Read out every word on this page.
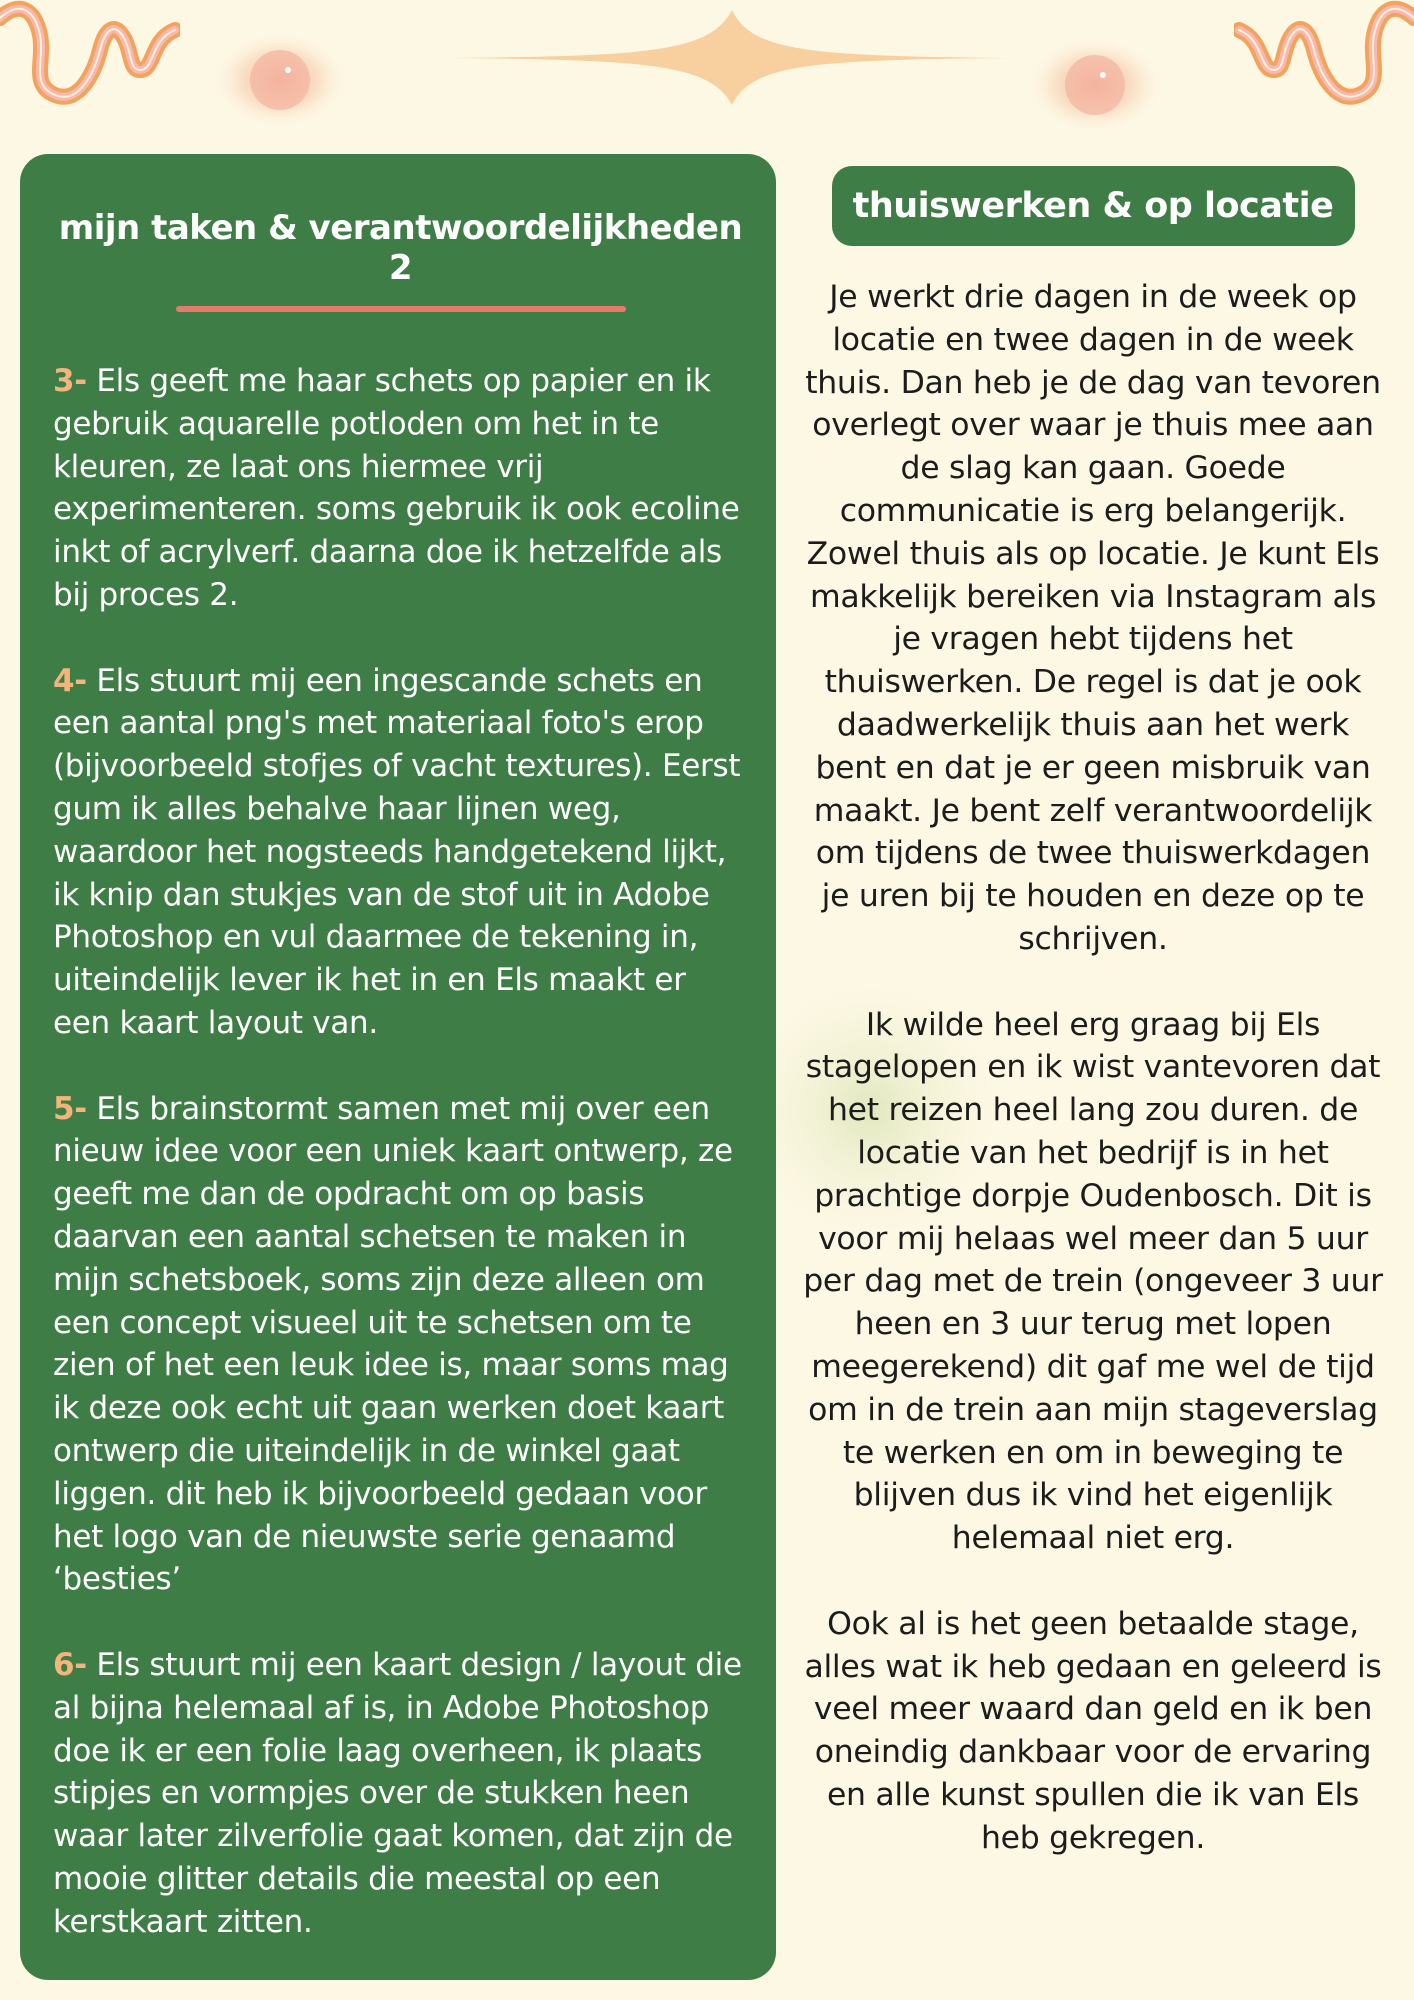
mijn taken & verantwoordelijkheden 2

3- Els geeft me haar schets op papier en ik gebruik aquarelle potloden om het in te kleuren, ze laat ons hiermee vrij experimenteren. soms gebruik ik ook ecoline inkt of acrylverf. daarna doe ik hetzelfde als bij proces 2.

4- Els stuurt mij een ingescande schets en een aantal png's met materiaal foto's erop (bijvoorbeeld stofjes of vacht textures). Eerst gum ik alles behalve haar lijnen weg, waardoor het nogsteeds handgetekend lijkt, ik knip dan stukjes van de stof uit in Adobe Photoshop en vul daarmee de tekening in, uiteindelijk lever ik het in en Els maakt er een kaart layout van.

5- Els brainstormt samen met mij over een nieuw idee voor een uniek kaart ontwerp, ze geeft me dan de opdracht om op basis daarvan een aantal schetsen te maken in mijn schetsboek, soms zijn deze alleen om een concept visueel uit te schetsen om te zien of het een leuk idee is, maar soms mag ik deze ook echt uit gaan werken doet kaart ontwerp die uiteindelijk in de winkel gaat liggen. dit heb ik bijvoorbeeld gedaan voor het logo van de nieuwste serie genaamd ‘besties’

6- Els stuurt mij een kaart design / layout die al bijna helemaal af is, in Adobe Photoshop doe ik er een folie laag overheen, ik plaats stipjes en vormpjes over de stukken heen waar later zilverfolie gaat komen, dat zijn de mooie glitter details die meestal op een kerstkaart zitten.

thuiswerken & op locatie

Je werkt drie dagen in de week op locatie en twee dagen in de week thuis. Dan heb je de dag van tevoren overlegt over waar je thuis mee aan de slag kan gaan. Goede communicatie is erg belangerijk. Zowel thuis als op locatie. Je kunt Els makkelijk bereiken via Instagram als je vragen hebt tijdens het thuiswerken. De regel is dat je ook daadwerkelijk thuis aan het werk bent en dat je er geen misbruik van maakt. Je bent zelf verantwoordelijk om tijdens de twee thuiswerkdagen je uren bij te houden en deze op te schrijven.

Ik wilde heel erg graag bij Els stagelopen en ik wist vantevoren dat het reizen heel lang zou duren. de locatie van het bedrijf is in het prachtige dorpje Oudenbosch. Dit is voor mij helaas wel meer dan 5 uur per dag met de trein (ongeveer 3 uur heen en 3 uur terug met lopen meegerekend) dit gaf me wel de tijd om in de trein aan mijn stageverslag te werken en om in beweging te blijven dus ik vind het eigenlijk helemaal niet erg.

Ook al is het geen betaalde stage, alles wat ik heb gedaan en geleerd is veel meer waard dan geld en ik ben oneindig dankbaar voor de ervaring en alle kunst spullen die ik van Els heb gekregen.
